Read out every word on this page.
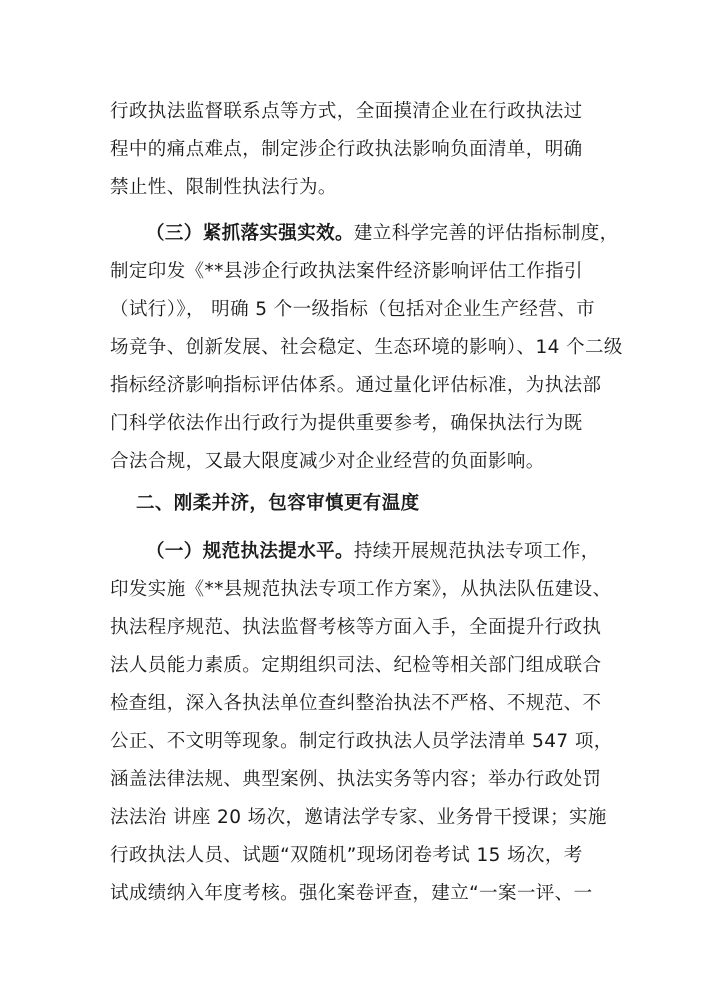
行政执法监督联系点等方式，全面摸清企业在行政执法过
程中的痛点难点，制定涉企行政执法影响负面清单，明确
禁止性、限制性执法行为。
（三）紧抓落实强实效。建立科学完善的评估指标制度，
制定印发《**县涉企行政执法案件经济影响评估工作指引
（试行）》， 明确 5 个一级指标（包括对企业生产经营、市
场竞争、创新发展、社会稳定、生态环境的影响）、14 个二级
指标经济影响指标评估体系。通过量化评估标准，为执法部
门科学依法作出行政行为提供重要参考，确保执法行为既
合法合规，又最大限度减少对企业经营的负面影响。
二、刚柔并济，包容审慎更有温度
（一）规范执法提水平。持续开展规范执法专项工作，
印发实施《**县规范执法专项工作方案》，从执法队伍建设、
执法程序规范、执法监督考核等方面入手，全面提升行政执
法人员能力素质。定期组织司法、纪检等相关部门组成联合
检查组，深入各执法单位查纠整治执法不严格、不规范、不
公正、不文明等现象。制定行政执法人员学法清单 547 项，
涵盖法律法规、典型案例、执法实务等内容；举办行政处罚
法法治 讲座 20 场次，邀请法学专家、业务骨干授课；实施
行政执法人员、试题“双随机”现场闭卷考试 15 场次，考
试成绩纳入年度考核。强化案卷评查，建立“一案一评、一
